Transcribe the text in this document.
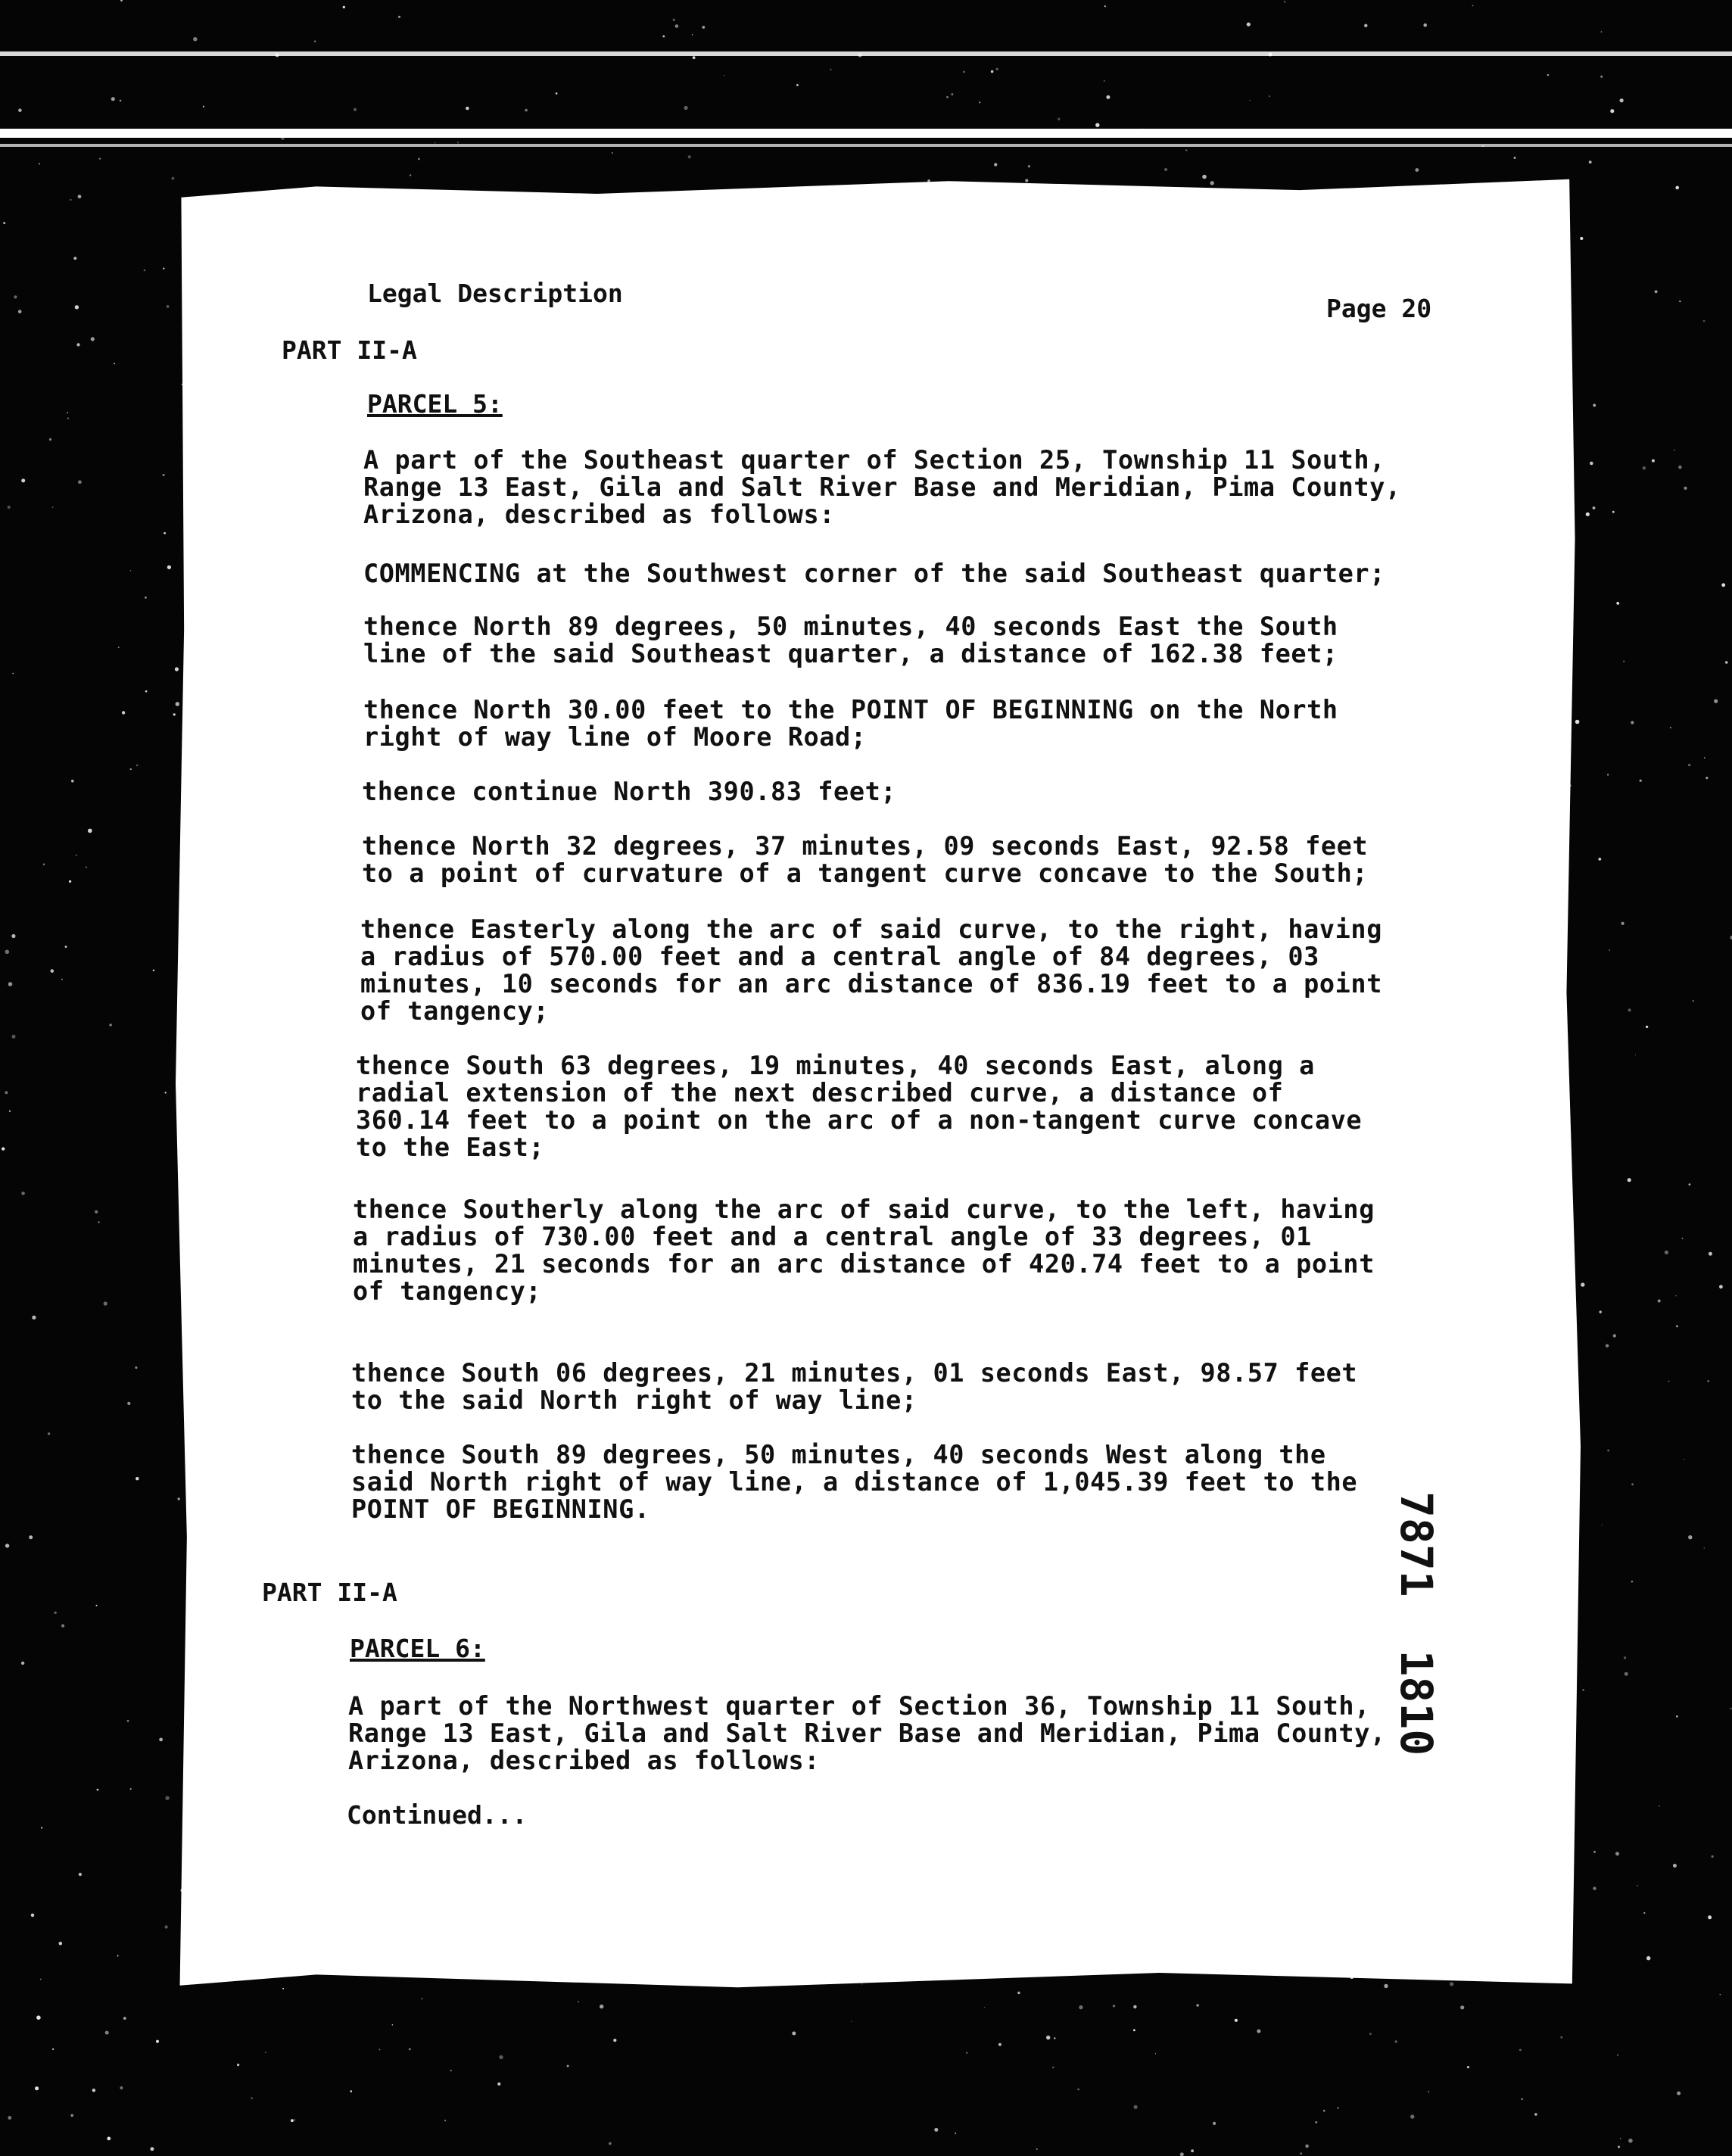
Legal Description

Page 20

PART II-A

PARCEL 5:

A part of the Southeast quarter of Section 25, Township 11 South,
Range 13 East, Gila and Salt River Base and Meridian, Pima County,
Arizona, described as follows:

COMMENCING at the Southwest corner of the said Southeast quarter;

thence North 89 degrees, 50 minutes, 40 seconds East the South
line of the said Southeast quarter, a distance of 162.38 feet;

thence North 30.00 feet to the POINT OF BEGINNING on the North
right of way line of Moore Road;

thence continue North 390.83 feet;

thence North 32 degrees, 37 minutes, 09 seconds East, 92.58 feet
to a point of curvature of a tangent curve concave to the South;

thence Easterly along the arc of said curve, to the right, having
a radius of 570.00 feet and a central angle of 84 degrees, 03
minutes, 10 seconds for an arc distance of 836.19 feet to a point
of tangency;

thence South 63 degrees, 19 minutes, 40 seconds East, along a
radial extension of the next described curve, a distance of
360.14 feet to a point on the arc of a non-tangent curve concave
to the East;

thence Southerly along the arc of said curve, to the left, having
a radius of 730.00 feet and a central angle of 33 degrees, 01
minutes, 21 seconds for an arc distance of 420.74 feet to a point
of tangency;

thence South 06 degrees, 21 minutes, 01 seconds East, 98.57 feet
to the said North right of way line;

thence South 89 degrees, 50 minutes, 40 seconds West along the
said North right of way line, a distance of 1,045.39 feet to the
POINT OF BEGINNING.

PART II-A

PARCEL 6:

A part of the Northwest quarter of Section 36, Township 11 South,
Range 13 East, Gila and Salt River Base and Meridian, Pima County,
Arizona, described as follows:

Continued...

7871  1810
